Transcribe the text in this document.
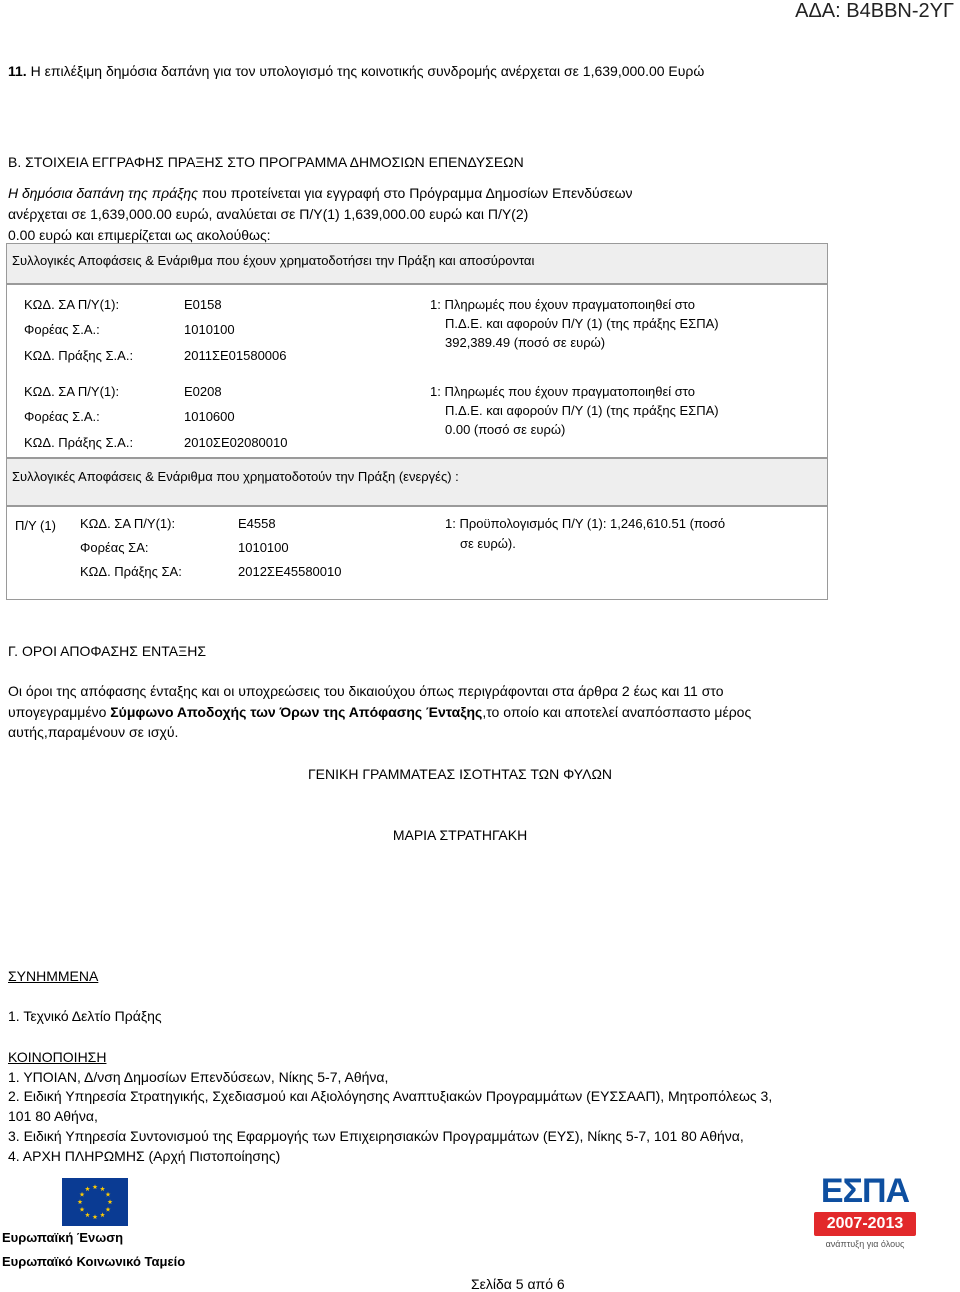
ΑΔΑ: Β4ΒΒΝ-2ΥΓ
11. Η επιλέξιμη δημόσια δαπάνη για τον υπολογισμό της κοινοτικής συνδρομής ανέρχεται σε 1,639,000.00 Ευρώ
Β. ΣΤΟΙΧΕΙΑ ΕΓΓΡΑΦΗΣ ΠΡΑΞΗΣ ΣΤΟ ΠΡΟΓΡΑΜΜΑ ΔΗΜΟΣΙΩΝ ΕΠΕΝΔΥΣΕΩΝ
Η δημόσια δαπάνη της πράξης που προτείνεται για εγγραφή στο Πρόγραμμα Δημοσίων Επενδύσεων
ανέρχεται σε 1,639,000.00 ευρώ, αναλύεται σε Π/Υ(1) 1,639,000.00 ευρώ και Π/Υ(2)
0.00 ευρώ και επιμερίζεται ως ακολούθως:
Συλλογικές Αποφάσεις & Ενάριθμα που έχουν χρηματοδοτήσει την Πράξη και αποσύρονται
ΚΩΔ. ΣΑ Π/Υ(1):	Ε0158
Φορέας Σ.Α.:	1010100
ΚΩΔ. Πράξης Σ.Α.:	2011ΣΕ01580006
1: Πληρωμές που έχουν πραγματοποιηθεί στο
Π.Δ.Ε. και αφορούν Π/Υ (1) (της πράξης ΕΣΠΑ)
392,389.49 (ποσό σε ευρώ)
ΚΩΔ. ΣΑ Π/Υ(1):	Ε0208
Φορέας Σ.Α.:	1010600
ΚΩΔ. Πράξης Σ.Α.:	2010ΣΕ02080010
1: Πληρωμές που έχουν πραγματοποιηθεί στο
Π.Δ.Ε. και αφορούν Π/Υ (1) (της πράξης ΕΣΠΑ)
0.00 (ποσό σε ευρώ)
Συλλογικές Αποφάσεις & Ενάριθμα που χρηματοδοτούν την Πράξη (ενεργές) :
Π/Υ (1) ΚΩΔ. ΣΑ Π/Υ(1):	Ε4558
Φορέας ΣΑ:	1010100
ΚΩΔ. Πράξης ΣΑ:	2012ΣΕ45580010
1: Προϋπολογισμός Π/Υ (1): 1,246,610.51 (ποσό
σε ευρώ).
Γ. ΟΡΟΙ ΑΠΟΦΑΣΗΣ ΕΝΤΑΞΗΣ
Οι όροι της απόφασης ένταξης και οι υποχρεώσεις του δικαιούχου όπως περιγράφονται στα άρθρα 2 έως και 11 στο
υπογεγραμμένο Σύμφωνο Αποδοχής των Όρων της Απόφασης Ένταξης,το οποίο και αποτελεί αναπόσπαστο μέρος
αυτής,παραμένουν σε ισχύ.
ΓΕΝΙΚΗ ΓΡΑΜΜΑΤΕΑΣ ΙΣΟΤΗΤΑΣ ΤΩΝ ΦΥΛΩΝ
ΜΑΡΙΑ ΣΤΡΑΤΗΓΑΚΗ
ΣΥΝΗΜΜΕΝΑ
1. Τεχνικό Δελτίο Πράξης
ΚΟΙΝΟΠΟΙΗΣΗ
1. ΥΠΟΙΑΝ, Δ/νση Δημοσίων Επενδύσεων, Νίκης 5-7, Αθήνα,
2. Ειδική Υπηρεσία Στρατηγικής, Σχεδιασμού και Αξιολόγησης Αναπτυξιακών Προγραμμάτων (ΕΥΣΣΑΑΠ), Μητροπόλεως 3,
101 80 Αθήνα,
3. Ειδική Υπηρεσία Συντονισμού της Εφαρμογής των Επιχειρησιακών Προγραμμάτων (ΕΥΣ), Νίκης 5-7, 101 80 Αθήνα,
4. ΑΡΧΗ ΠΛΗΡΩΜΗΣ (Αρχή Πιστοποίησης)
Ευρωπαϊκή Ένωση
Ευρωπαϊκό Κοινωνικό Ταμείο
Σελίδα 5 από 6
ΕΣΠΑ
2007-2013
ανάπτυξη για όλους
